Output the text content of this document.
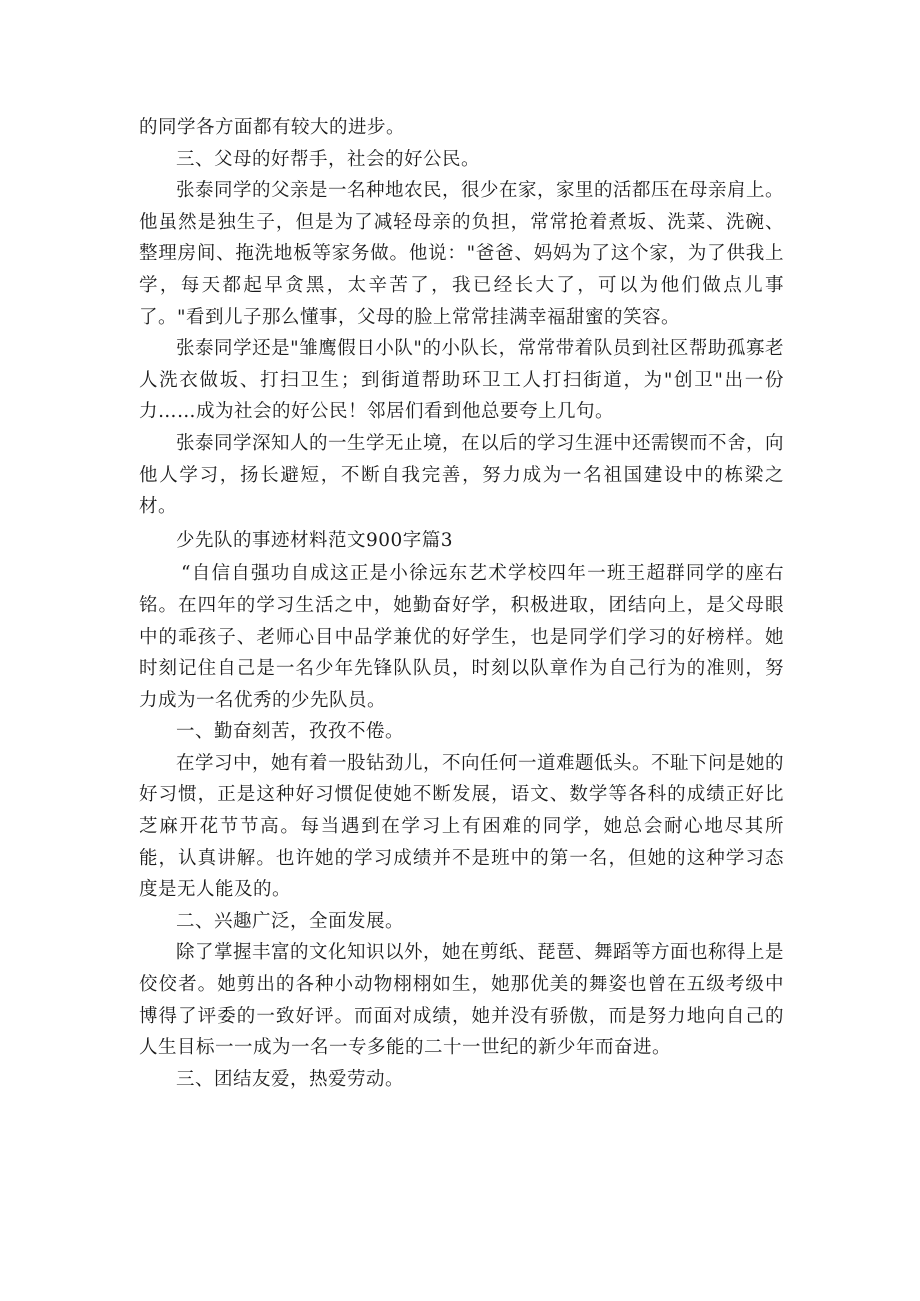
的同学各方面都有较大的进步。

三、父母的好帮手，社会的好公民。

张泰同学的父亲是一名种地农民，很少在家，家里的活都压在母亲肩上。他虽然是独生子，但是为了减轻母亲的负担，常常抢着煮坂、洗菜、洗碗、整理房间、拖洗地板等家务做。他说："爸爸、妈妈为了这个家，为了供我上学，每天都起早贪黑，太辛苦了，我已经长大了，可以为他们做点儿事了。"看到儿子那么懂事，父母的脸上常常挂满幸福甜蜜的笑容。

张泰同学还是"雏鹰假日小队"的小队长，常常带着队员到社区帮助孤寡老人洗衣做坂、打扫卫生；到街道帮助环卫工人打扫街道，为"创卫"出一份力……成为社会的好公民！邻居们看到他总要夸上几句。

张泰同学深知人的一生学无止境，在以后的学习生涯中还需锲而不舍，向他人学习，扬长避短，不断自我完善，努力成为一名祖国建设中的栋梁之材。

少先队的事迹材料范文900字篇3

“自信自强功自成这正是小徐远东艺术学校四年一班王超群同学的座右铭。在四年的学习生活之中，她勤奋好学，积极进取，团结向上，是父母眼中的乖孩子、老师心目中品学兼优的好学生，也是同学们学习的好榜样。她时刻记住自己是一名少年先锋队队员，时刻以队章作为自己行为的准则，努力成为一名优秀的少先队员。

一、勤奋刻苦，孜孜不倦。

在学习中，她有着一股钻劲儿，不向任何一道难题低头。不耻下问是她的好习惯，正是这种好习惯促使她不断发展，语文、数学等各科的成绩正好比芝麻开花节节高。每当遇到在学习上有困难的同学，她总会耐心地尽其所能，认真讲解。也许她的学习成绩并不是班中的第一名，但她的这种学习态度是无人能及的。

二、兴趣广泛，全面发展。

除了掌握丰富的文化知识以外，她在剪纸、琵琶、舞蹈等方面也称得上是佼佼者。她剪出的各种小动物栩栩如生，她那优美的舞姿也曾在五级考级中博得了评委的一致好评。而面对成绩，她并没有骄傲，而是努力地向自己的人生目标一一成为一名一专多能的二十一世纪的新少年而奋进。

三、团结友爱，热爱劳动。
